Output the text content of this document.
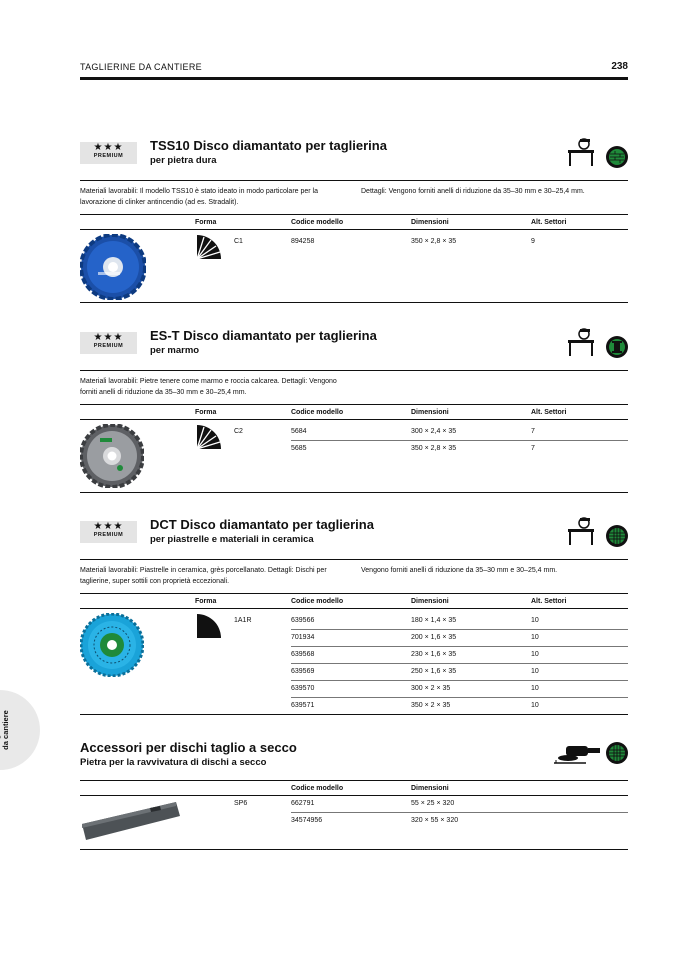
TAGLIERINE DA CANTIERE	238
da cantiere
★★★
PREMIUM
TSS10 Disco diamantato per taglierina
per pietra dura
Materiali lavorabili: Il modello TSS10 è stato ideato in modo particolare per la lavorazione di clinker antincendio (ad es. Stradalit).
Dettagli: Vengono forniti anelli di riduzione da 35–30 mm e 30–25,4 mm.
Forma	Codice modello	Dimensioni	Alt. Settori
C1	894258	350 × 2,8 × 35	9
★★★
PREMIUM
ES-T Disco diamantato per taglierina
per marmo
Materiali lavorabili: Pietre tenere come marmo e roccia calcarea. Dettagli: Vengono forniti anelli di riduzione da 35–30 mm e 30–25,4 mm.
Forma	Codice modello	Dimensioni	Alt. Settori
C2	5684	300 × 2,4 × 35	7
5685	350 × 2,8 × 35	7
★★★
PREMIUM
DCT Disco diamantato per taglierina
per piastrelle e materiali in ceramica
Materiali lavorabili: Piastrelle in ceramica, grès porcellanato. Dettagli: Dischi per taglierine, super sottili con proprietà eccezionali.
Vengono forniti anelli di riduzione da 35–30 mm e 30–25,4 mm.
Forma	Codice modello	Dimensioni	Alt. Settori
1A1R	639566	180 × 1,4 × 35	10
701934	200 × 1,6 × 35	10
639568	230 × 1,6 × 35	10
639569	250 × 1,6 × 35	10
639570	300 × 2 × 35	10
639571	350 × 2 × 35	10
Accessori per dischi taglio a secco
Pietra per la ravvivatura di dischi a secco
Codice modello	Dimensioni
SP6	662791	55 × 25 × 320
34574956	320 × 55 × 320
